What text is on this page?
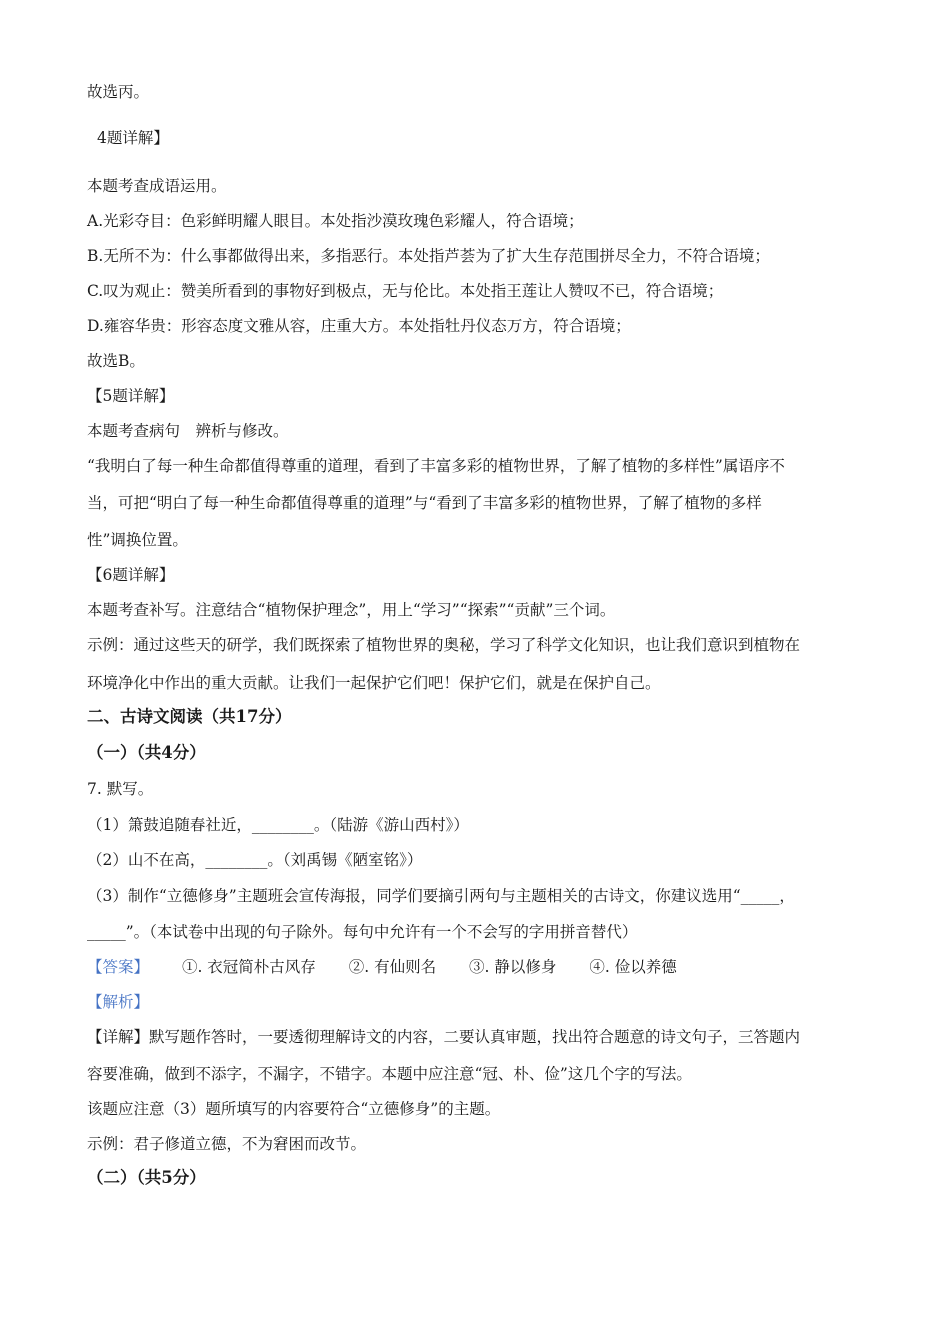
故选丙。
4题详解】
本题考查成语运用。
A.光彩夺目：色彩鲜明耀人眼目。本处指沙漠玫瑰色彩耀人，符合语境；
B.无所不为：什么事都做得出来，多指恶行。本处指芦荟为了扩大生存范围拼尽全力，不符合语境；
C.叹为观止：赞美所看到的事物好到极点，无与伦比。本处指王莲让人赞叹不已，符合语境；
D.雍容华贵：形容态度文雅从容，庄重大方。本处指牡丹仪态万方，符合语境；
故选B。
【5题详解】
本题考查病句　辨析与修改。
“我明白了每一种生命都值得尊重的道理，看到了丰富多彩的植物世界，了解了植物的多样性”属语序不
当，可把“明白了每一种生命都值得尊重的道理”与“看到了丰富多彩的植物世界，了解了植物的多样
性”调换位置。
【6题详解】
本题考查补写。注意结合“植物保护理念”，用上“学习”“探索”“贡献”三个词。
示例：通过这些天的研学，我们既探索了植物世界的奥秘，学习了科学文化知识，也让我们意识到植物在
环境净化中作出的重大贡献。让我们一起保护它们吧！保护它们，就是在保护自己。
二、古诗文阅读（共17分）
（一）（共4分）
7. 默写。
（1）箫鼓追随春社近，________。（陆游《游山西村》）
（2）山不在高，________。（刘禹锡《陋室铭》）
（3）制作“立德修身”主题班会宣传海报，同学们要摘引两句与主题相关的古诗文，你建议选用“_____，
_____”。（本试卷中出现的句子除外。每句中允许有一个不会写的字用拼音替代）
【答案】 ①. 衣冠简朴古风存 ②. 有仙则名 ③. 静以修身 ④. 俭以养德
【解析】
【详解】默写题作答时，一要透彻理解诗文的内容，二要认真审题，找出符合题意的诗文句子，三答题内
容要准确，做到不添字，不漏字，不错字。本题中应注意“冠、朴、俭”这几个字的写法。
该题应注意（3）题所填写的内容要符合“立德修身”的主题。
示例：君子修道立德，不为窘困而改节。
（二）（共5分）
